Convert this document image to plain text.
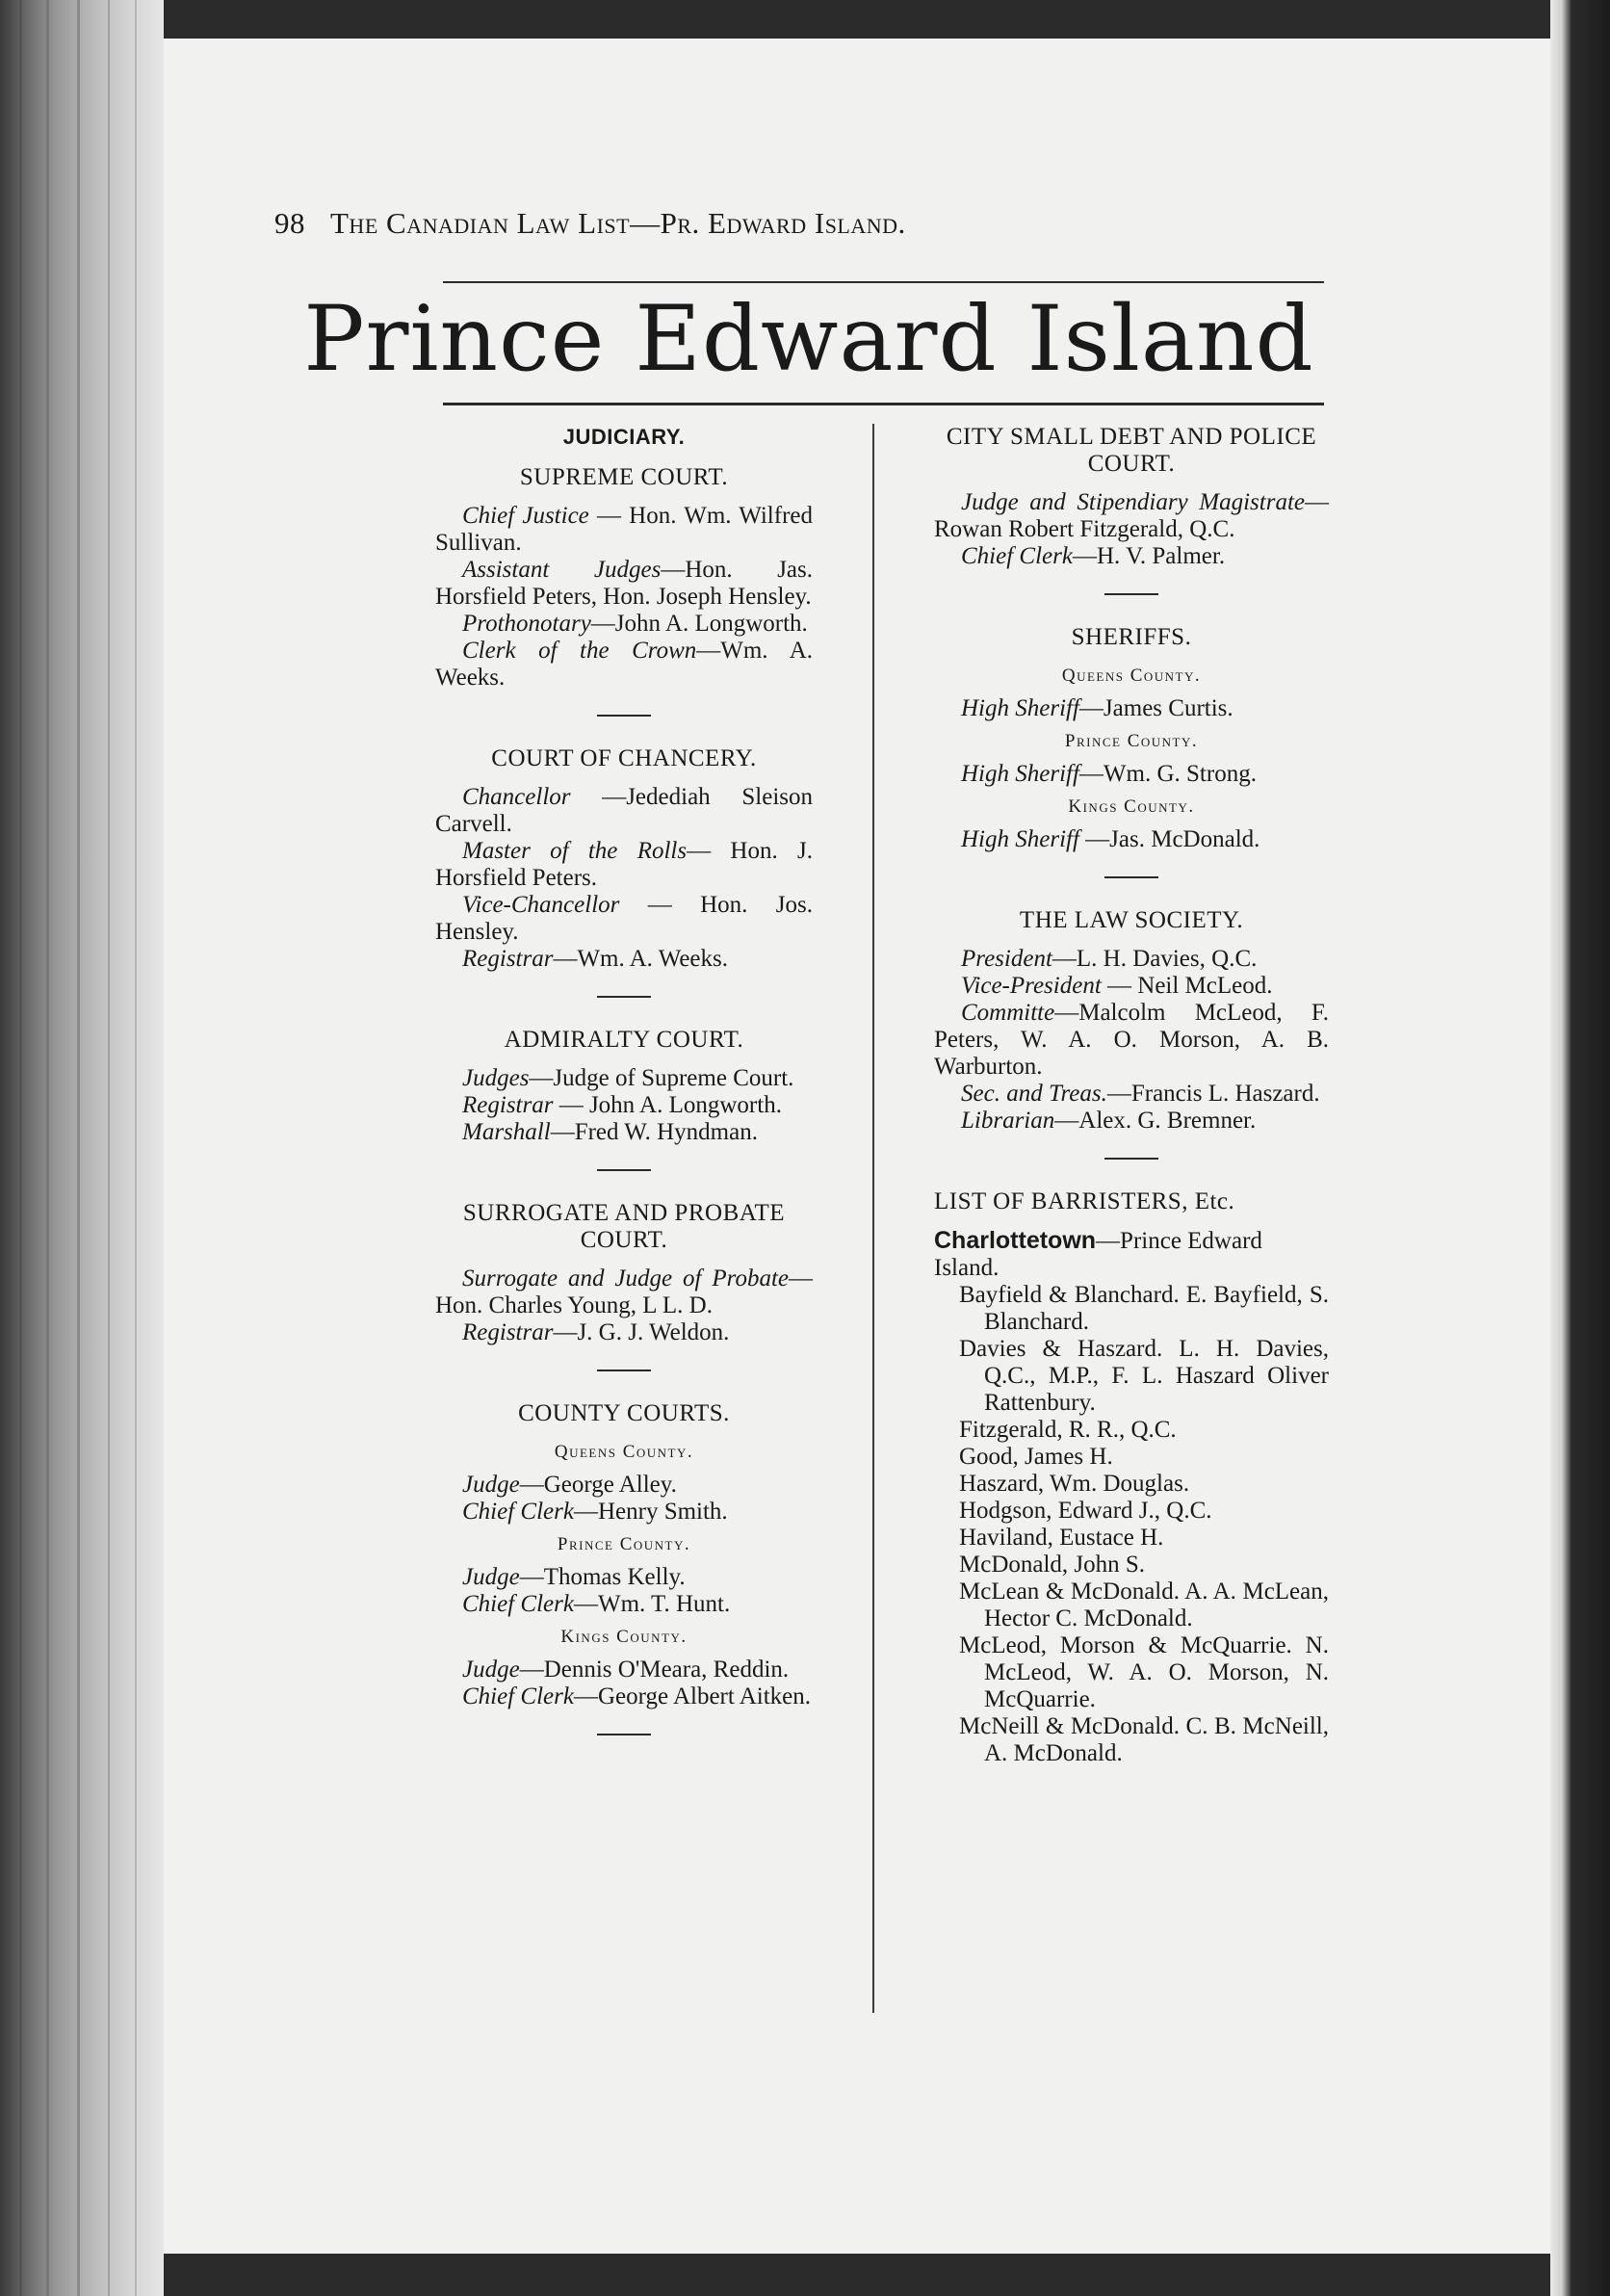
98 The Canadian Law List—Pr. Edward Island.
Prince Edward Island
JUDICIARY.
SUPREME COURT.

Chief Justice — Hon. Wm. Wilfred Sullivan.

Assistant Judges—Hon. Jas. Horsfield Peters, Hon. Joseph Hensley.

Prothonotary—John A. Longworth.

Clerk of the Crown—Wm. A. Weeks.

COURT OF CHANCERY.

Chancellor —Jedediah Sleison Carvell.

Master of the Rolls— Hon. J. Horsfield Peters.

Vice-Chancellor — Hon. Jos. Hensley.

Registrar—Wm. A. Weeks.

ADMIRALTY COURT.

Judges—Judge of Supreme Court.

Registrar — John A. Longworth.

Marshall—Fred W. Hyndman.

SURROGATE AND PROBATE COURT.

Surrogate and Judge of Probate—Hon. Charles Young, L L. D.

Registrar—J. G. J. Weldon.

COUNTY COURTS.
Queens County.

Judge—George Alley.

Chief Clerk—Henry Smith.

Prince County.

Judge—Thomas Kelly.

Chief Clerk—Wm. T. Hunt.

Kings County.

Judge—Dennis O'Meara, Reddin.

Chief Clerk—George Albert Aitken.

CITY SMALL DEBT AND POLICE COURT.

Judge and Stipendiary Magistrate—Rowan Robert Fitzgerald, Q.C.

Chief Clerk—H. V. Palmer.

SHERIFFS.
Queens County.

High Sheriff—James Curtis.

Prince County.

High Sheriff—Wm. G. Strong.

Kings County.

High Sheriff —Jas. McDonald.

THE LAW SOCIETY.

President—L. H. Davies, Q.C.

Vice-President — Neil McLeod.

Committe—Malcolm McLeod, F. Peters, W. A. O. Morson, A. B. Warburton.

Sec. and Treas.—Francis L. Haszard.

Librarian—Alex. G. Bremner.

LIST OF BARRISTERS, Etc.

Charlottetown—Prince Edward Island.

Bayfield & Blanchard. E. Bayfield, S. Blanchard.

Davies & Haszard. L. H. Davies, Q.C., M.P., F. L. Haszard Oliver Rattenbury.

Fitzgerald, R. R., Q.C.

Good, James H.

Haszard, Wm. Douglas.

Hodgson, Edward J., Q.C.

Haviland, Eustace H.

McDonald, John S.

McLean & McDonald. A. A. McLean, Hector C. McDonald.

McLeod, Morson & McQuarrie. N. McLeod, W. A. O. Morson, N. McQuarrie.

McNeill & McDonald. C. B. McNeill, A. McDonald.
